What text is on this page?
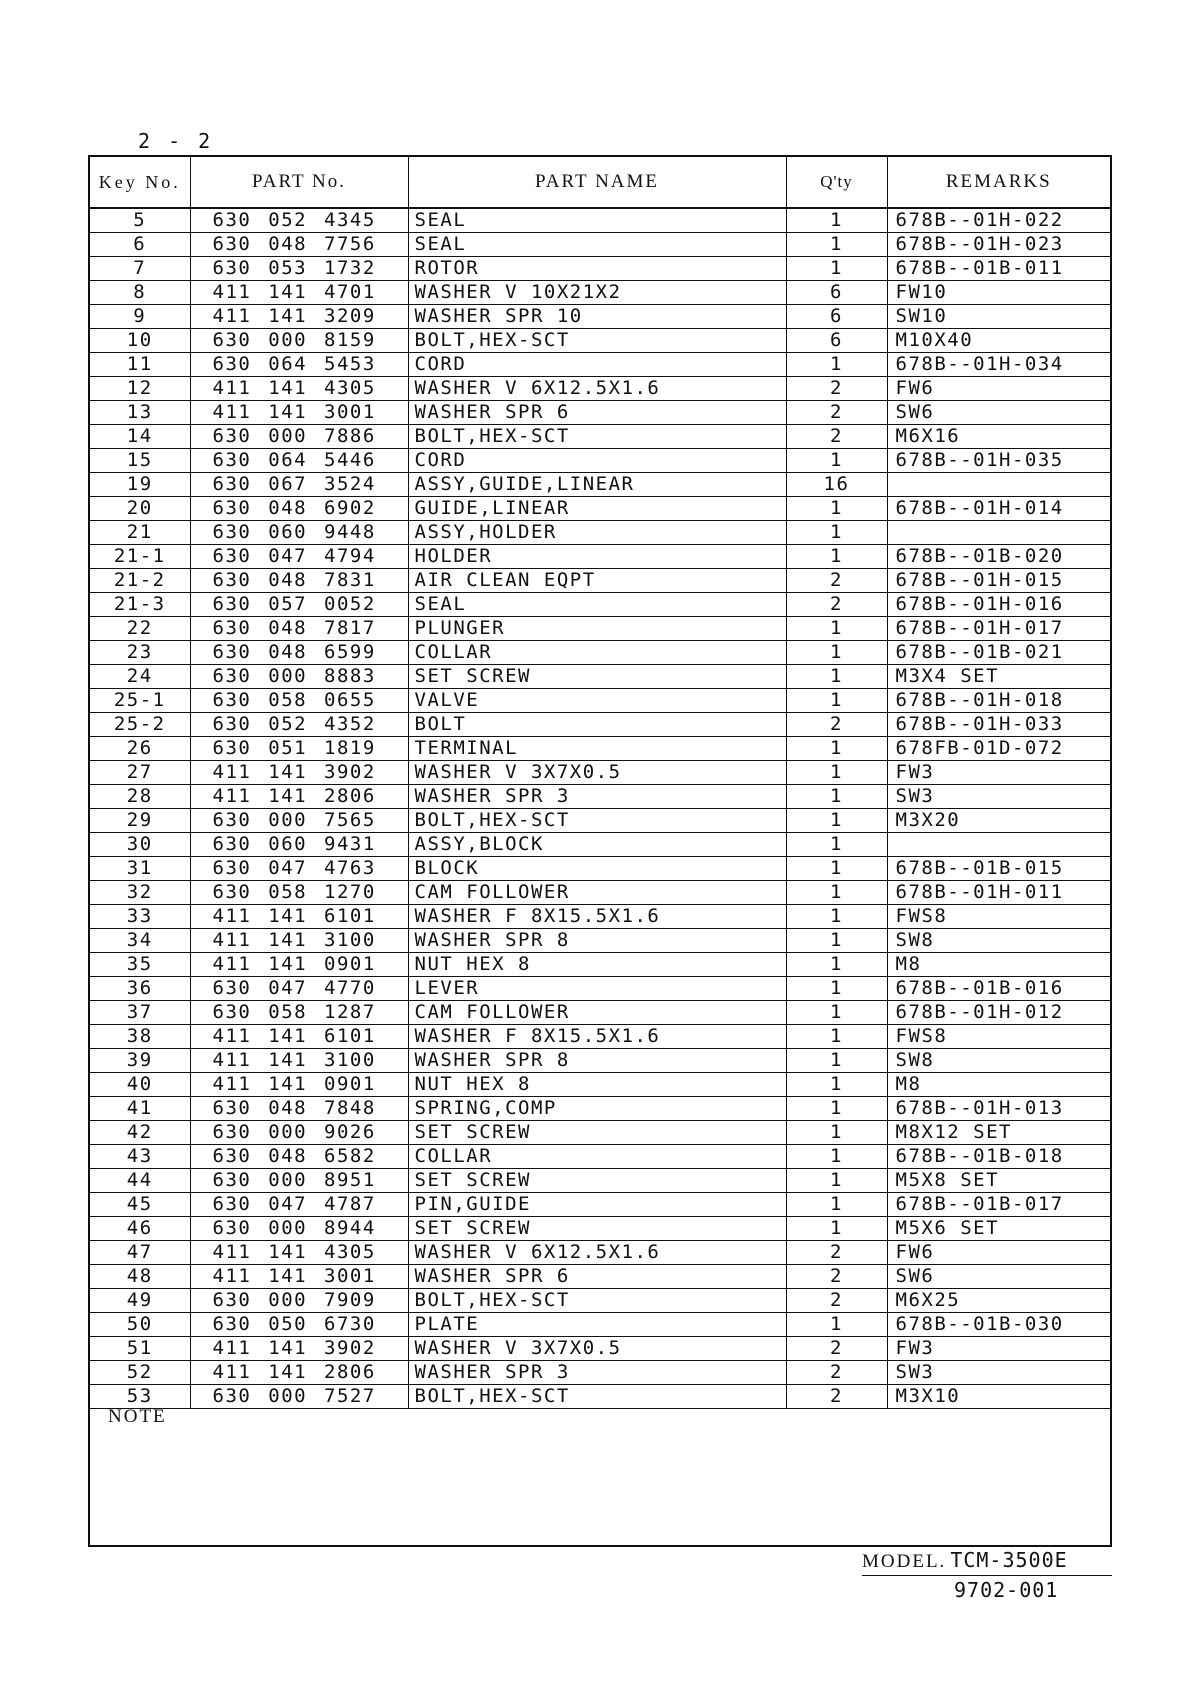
2 - 2
Key No.	PART No.	PART NAME	Q'ty	REMARKS
5	630 052 4345	SEAL	1	678B--01H-022
6	630 048 7756	SEAL	1	678B--01H-023
7	630 053 1732	ROTOR	1	678B--01B-011
8	411 141 4701	WASHER V 10X21X2	6	FW10
9	411 141 3209	WASHER SPR 10	6	SW10
10	630 000 8159	BOLT,HEX-SCT	6	M10X40
11	630 064 5453	CORD	1	678B--01H-034
12	411 141 4305	WASHER V 6X12.5X1.6	2	FW6
13	411 141 3001	WASHER SPR 6	2	SW6
14	630 000 7886	BOLT,HEX-SCT	2	M6X16
15	630 064 5446	CORD	1	678B--01H-035
19	630 067 3524	ASSY,GUIDE,LINEAR	16	
20	630 048 6902	GUIDE,LINEAR	1	678B--01H-014
21	630 060 9448	ASSY,HOLDER	1	
21-1	630 047 4794	HOLDER	1	678B--01B-020
21-2	630 048 7831	AIR CLEAN EQPT	2	678B--01H-015
21-3	630 057 0052	SEAL	2	678B--01H-016
22	630 048 7817	PLUNGER	1	678B--01H-017
23	630 048 6599	COLLAR	1	678B--01B-021
24	630 000 8883	SET SCREW	1	M3X4 SET
25-1	630 058 0655	VALVE	1	678B--01H-018
25-2	630 052 4352	BOLT	2	678B--01H-033
26	630 051 1819	TERMINAL	1	678FB-01D-072
27	411 141 3902	WASHER V 3X7X0.5	1	FW3
28	411 141 2806	WASHER SPR 3	1	SW3
29	630 000 7565	BOLT,HEX-SCT	1	M3X20
30	630 060 9431	ASSY,BLOCK	1	
31	630 047 4763	BLOCK	1	678B--01B-015
32	630 058 1270	CAM FOLLOWER	1	678B--01H-011
33	411 141 6101	WASHER F 8X15.5X1.6	1	FWS8
34	411 141 3100	WASHER SPR 8	1	SW8
35	411 141 0901	NUT HEX 8	1	M8
36	630 047 4770	LEVER	1	678B--01B-016
37	630 058 1287	CAM FOLLOWER	1	678B--01H-012
38	411 141 6101	WASHER F 8X15.5X1.6	1	FWS8
39	411 141 3100	WASHER SPR 8	1	SW8
40	411 141 0901	NUT HEX 8	1	M8
41	630 048 7848	SPRING,COMP	1	678B--01H-013
42	630 000 9026	SET SCREW	1	M8X12 SET
43	630 048 6582	COLLAR	1	678B--01B-018
44	630 000 8951	SET SCREW	1	M5X8 SET
45	630 047 4787	PIN,GUIDE	1	678B--01B-017
46	630 000 8944	SET SCREW	1	M5X6 SET
47	411 141 4305	WASHER V 6X12.5X1.6	2	FW6
48	411 141 3001	WASHER SPR 6	2	SW6
49	630 000 7909	BOLT,HEX-SCT	2	M6X25
50	630 050 6730	PLATE	1	678B--01B-030
51	411 141 3902	WASHER V 3X7X0.5	2	FW3
52	411 141 2806	WASHER SPR 3	2	SW3
53	630 000 7527	BOLT,HEX-SCT	2	M3X10
NOTE
MODEL. TCM-3500E
9702-001
